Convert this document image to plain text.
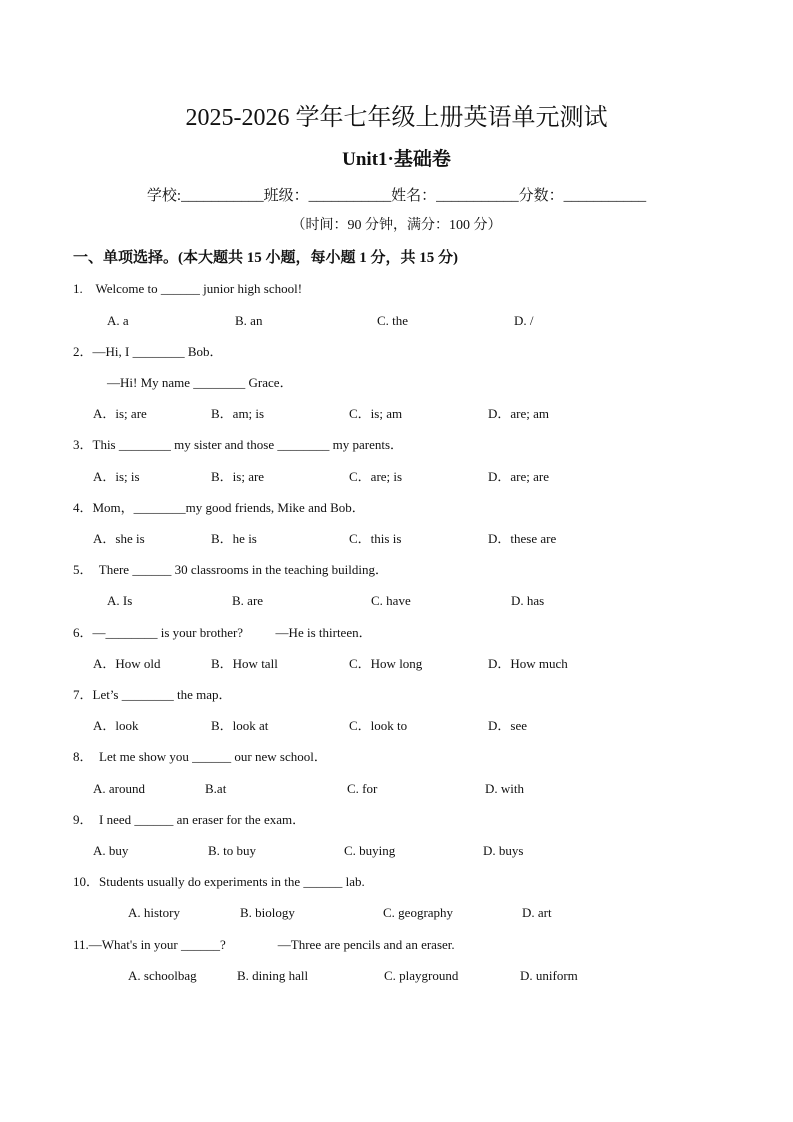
2025-2026 学年七年级上册英语单元测试
Unit1·基础卷
学校:___________班级：___________姓名：___________分数：___________
（时间：90 分钟，满分：100 分）
一、单项选择。(本大题共 15 小题，每小题 1 分，共 15 分)
1.    Welcome to ______ junior high school!
A. a	B. an	C. the	D. /
2．—Hi, I ________ Bob．
—Hi! My name ________ Grace．
A．is; are	B．am; is	C．is; am	D．are; am
3．This ________ my sister and those ________ my parents．
A．is; is	B．is; are	C．are; is	D．are; are
4．Mom，________my good friends, Mike and Bob．
A．she is	B．he is	C．this is	D．these are
5．  There ______ 30 classrooms in the teaching building．
A. Is	B. are	C. have	D. has
6．—________ is your brother?          —He is thirteen．
A．How old	B．How tall	C．How long	D．How much
7．Let’s ________ the map．
A．look	B．look at	C．look to	D．see
8．  Let me show you ______ our new school．
A. around	B.at	C. for	D. with
9．  I need ______ an eraser for the exam．
A. buy	B. to buy	C. buying	D. buys
10．Students usually do experiments in the ______ lab.
A. history	B. biology	C. geography	D. art
11.—What's in your ______?                —Three are pencils and an eraser.
A. schoolbag	B. dining hall	C. playground	D. uniform
